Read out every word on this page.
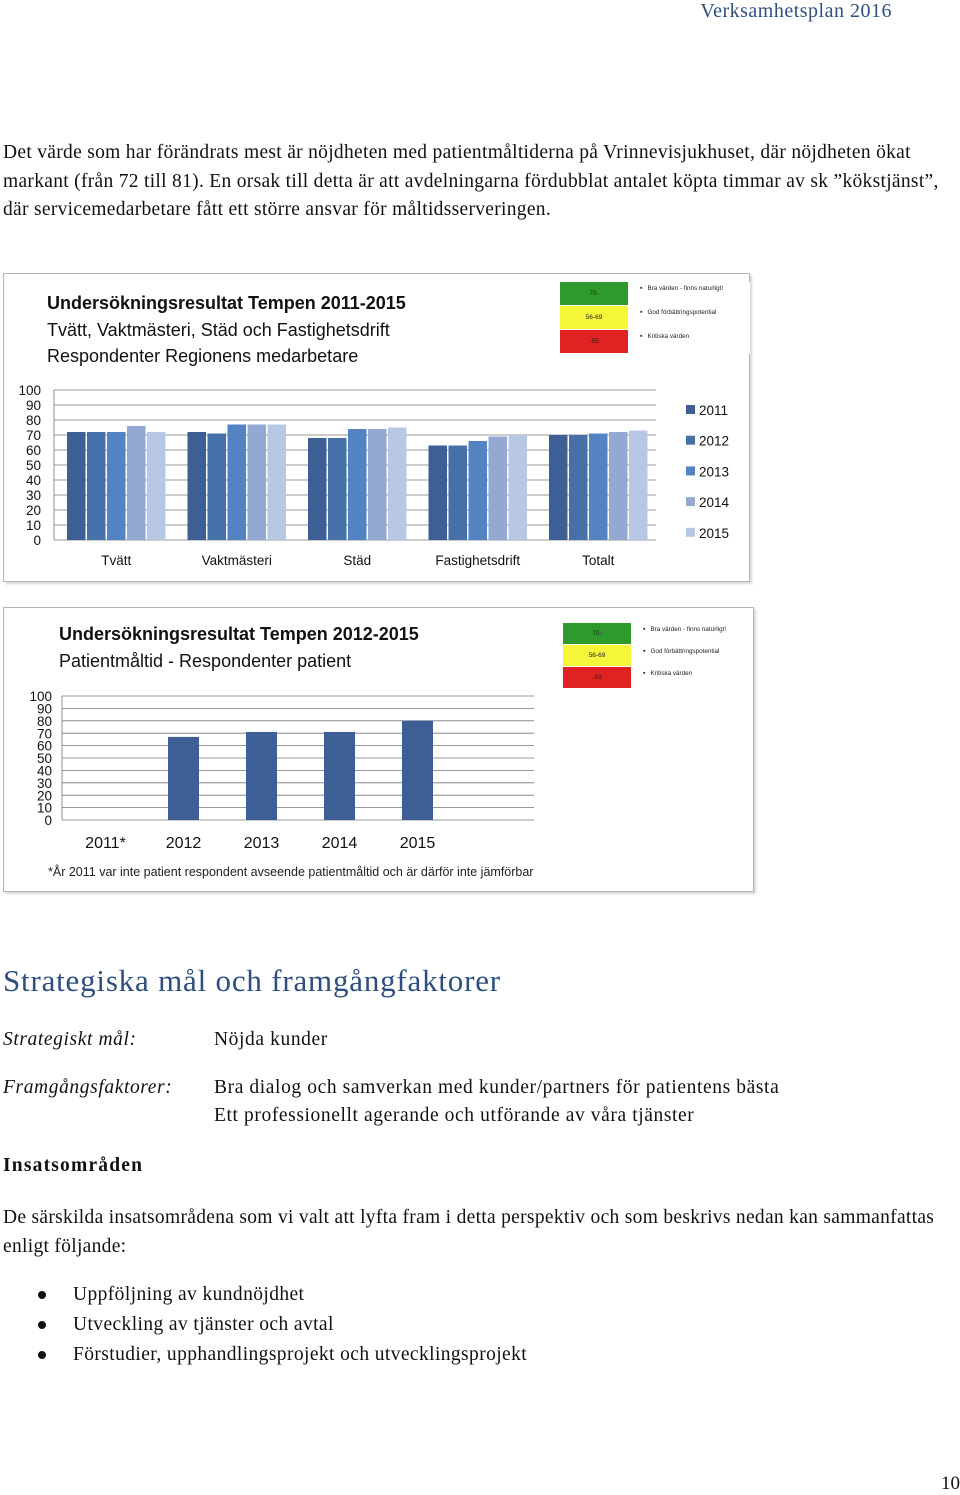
Verksamhetsplan 2016
Det värde som har förändrats mest är nöjdheten med patientmåltiderna på Vrinnevisjukhuset, där nöjdheten ökat markant (från 72 till 81). En orsak till detta är att avdelningarna fördubblat antalet köpta timmar av sk ”kökstjänst”, där servicemedarbetare fått ett större ansvar för måltidsserveringen.
Undersökningsresultat Tempen 2011-2015
Tvätt, Vaktmästeri, Städ och Fastighetsdrift
Respondenter Regionens medarbetare
70-
▪ Bra värden - finns naturligt!
56-69
▪ God förbättringspotential
-55
▪ Kritiska värden
100
90
80
70
60
50
40
30
20
10
0
Tvätt	Vaktmästeri	Städ	Fastighetsdrift	Totalt
2011
2012
2013
2014
2015
Undersökningsresultat Tempen 2012-2015
Patientmåltid - Respondenter patient
70-
▪ Bra värden - finns naturligt!
56-69
▪ God förbättringspotential
-55
▪ Kritiska värden
100
90
80
70
60
50
40
30
20
10
0
2011* 2012	2013	2014	2015
*År 2011 var inte patient respondent avseende patientmåltid och är därför inte jämförbar
Strategiska mål och framgångfaktorer
Strategiskt mål:	Nöjda kunder
Framgångsfaktorer: Bra dialog och samverkan med kunder/partners för patientens bästa
Ett professionellt agerande och utförande av våra tjänster
Insatsområden
De särskilda insatsområdena som vi valt att lyfta fram i detta perspektiv och som beskrivs nedan kan sammanfattas enligt följande:
Uppföljning av kundnöjdhet
Utveckling av tjänster och avtal
Förstudier, upphandlingsprojekt och utvecklingsprojekt
10
